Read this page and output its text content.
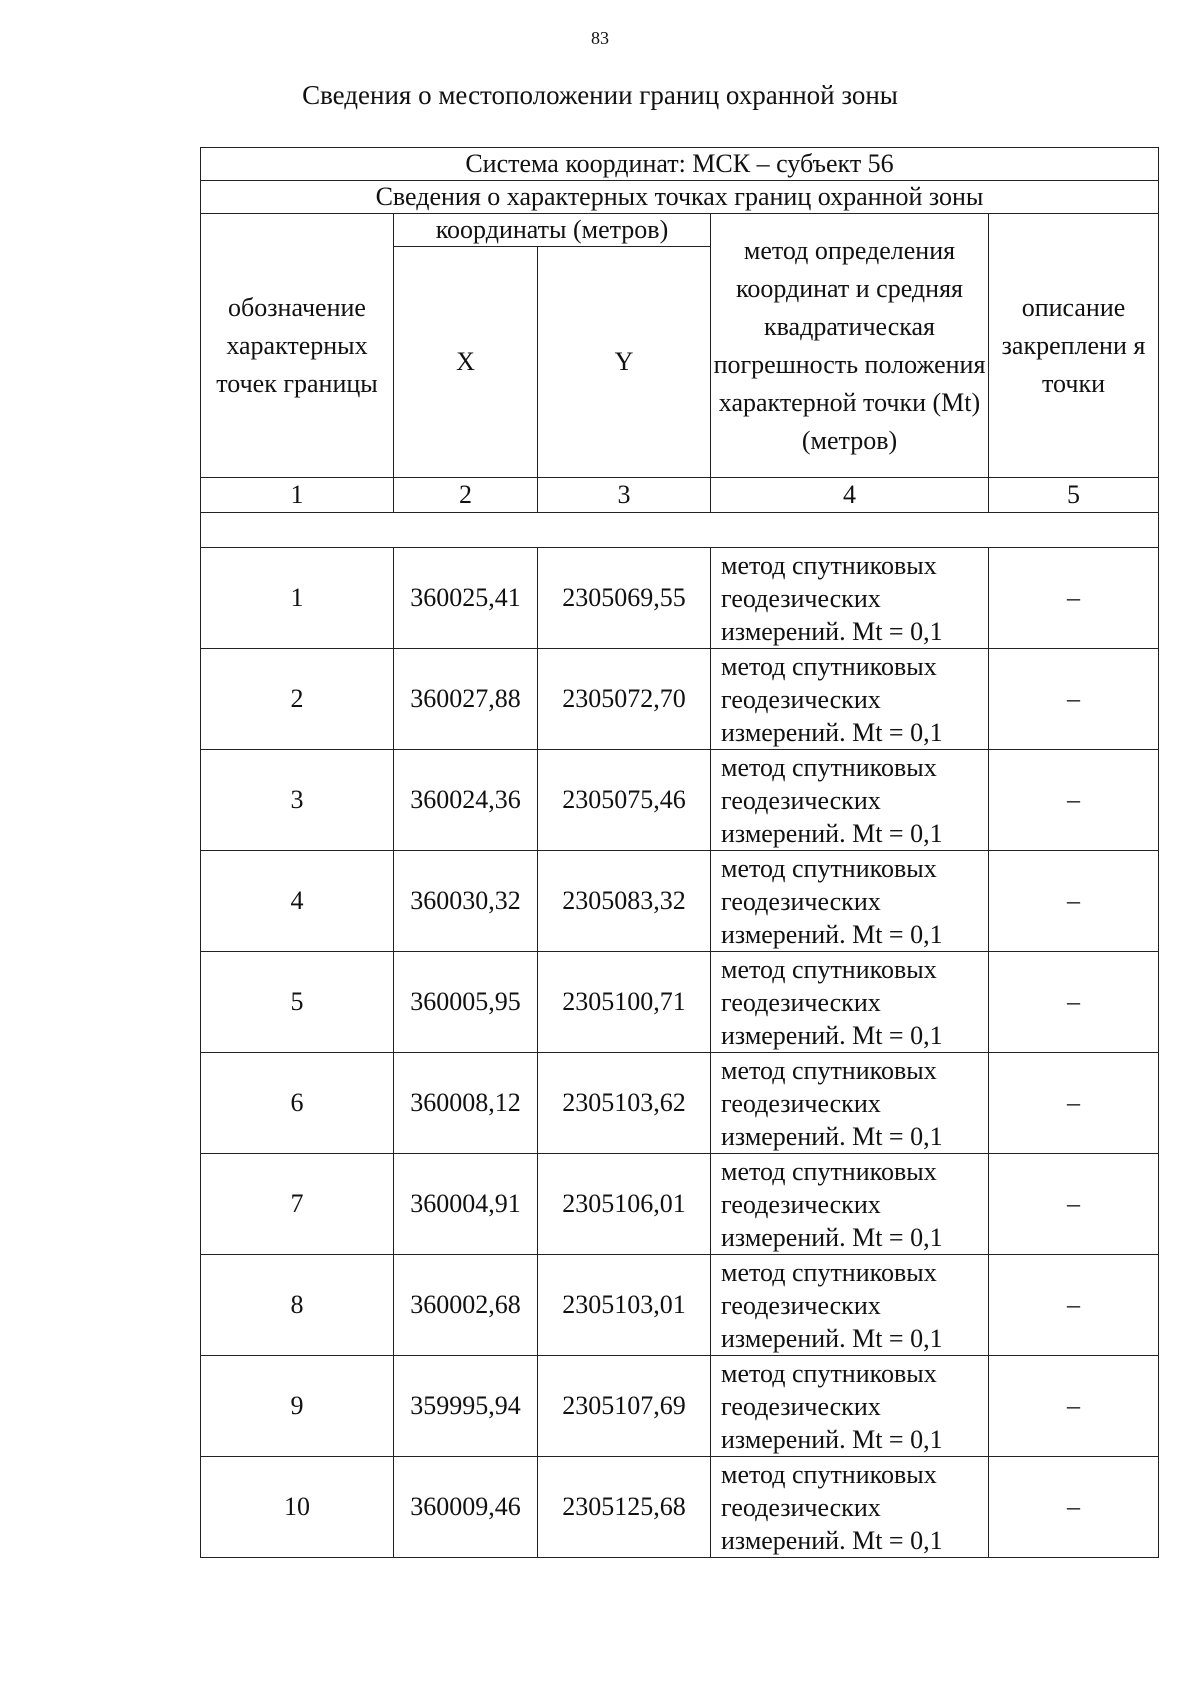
83
Сведения о местоположении границ охранной зоны
Система координат: МСК – субъект 56				
Сведения о характерных точках границ охранной зоны				
обозначение характерных точек границы	координаты (метров)		метод определения координат и средняя квадратическая погрешность положения характерной точки (Mt) (метров)	описание закреплени я точки
	X	Y		
1	2	3	4	5

1	360025,41	2305069,55	метод спутниковых
геодезических
измерений. Mt = 0,1	–
2	360027,88	2305072,70	метод спутниковых
геодезических
измерений. Mt = 0,1	–
3	360024,36	2305075,46	метод спутниковых
геодезических
измерений. Mt = 0,1	–
4	360030,32	2305083,32	метод спутниковых
геодезических
измерений. Mt = 0,1	–
5	360005,95	2305100,71	метод спутниковых
геодезических
измерений. Mt = 0,1	–
6	360008,12	2305103,62	метод спутниковых
геодезических
измерений. Mt = 0,1	–
7	360004,91	2305106,01	метод спутниковых
геодезических
измерений. Mt = 0,1	–
8	360002,68	2305103,01	метод спутниковых
геодезических
измерений. Mt = 0,1	–
9	359995,94	2305107,69	метод спутниковых
геодезических
измерений. Mt = 0,1	–
10	360009,46	2305125,68	метод спутниковых
геодезических
измерений. Mt = 0,1	–
